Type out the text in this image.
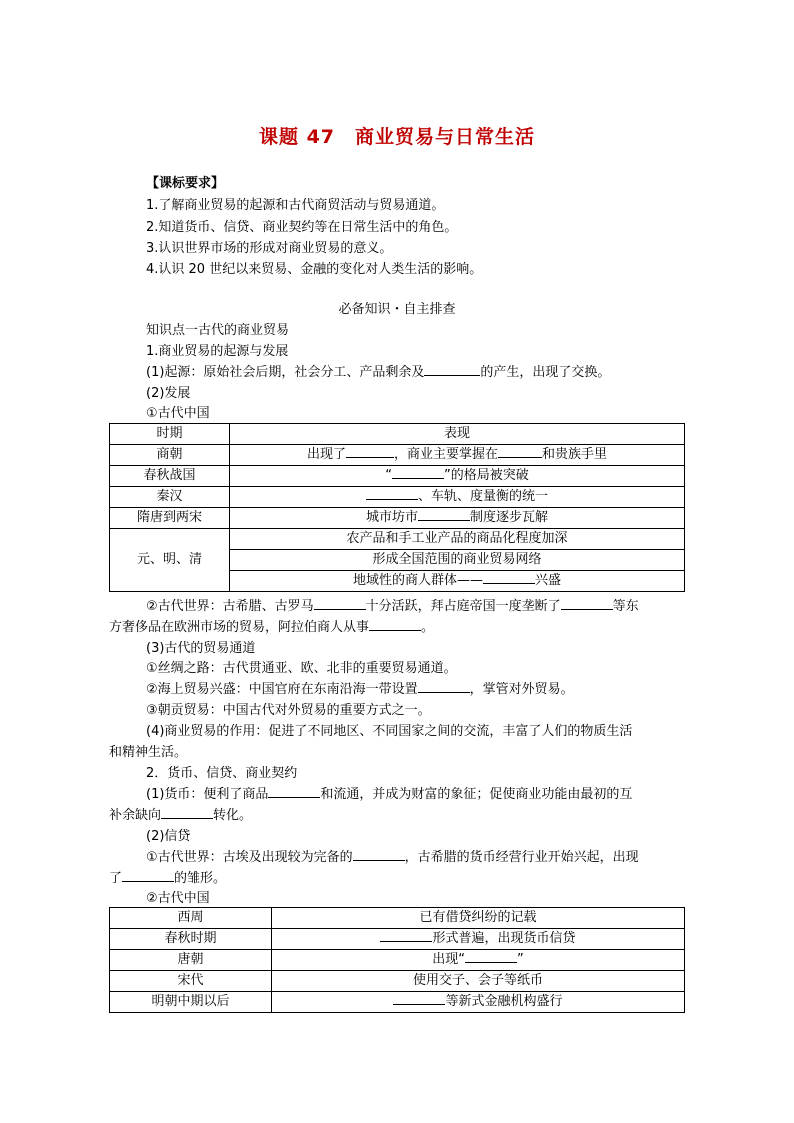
课题 47　商业贸易与日常生活
【课标要求】
1.了解商业贸易的起源和古代商贸活动与贸易通道。
2.知道货币、信贷、商业契约等在日常生活中的角色。
3.认识世界市场的形成对商业贸易的意义。
4.认识 20 世纪以来贸易、金融的变化对人类生活的影响。
必备知识・自主排查
知识点一古代的商业贸易
1.商业贸易的起源与发展
(1)起源：原始社会后期，社会分工、产品剩余及	的产生，出现了交换。
(2)发展
①古代中国
时期	表现
商朝	出现了 ，商业主要掌握在 和贵族手里
春秋战国	“ ”的格局被突破
秦汉	、车轨、度量衡的统一
隋唐到两宋	城市坊市 制度逐步瓦解
元、明、清	农产品和手工业产品的商品化程度加深
	形成全国范围的商业贸易网络
	地域性的商人群体—— 兴盛
②古代世界：古希腊、古罗马	十分活跃，拜占庭帝国一度垄断了	等东
方奢侈品在欧洲市场的贸易，阿拉伯商人从事	。
(3)古代的贸易通道
①丝绸之路：古代贯通亚、欧、北非的重要贸易通道。
②海上贸易兴盛：中国官府在东南沿海一带设置	，掌管对外贸易。
③朝贡贸易：中国古代对外贸易的重要方式之一。
(4)商业贸易的作用：促进了不同地区、不同国家之间的交流，丰富了人们的物质生活
和精神生活。
2．货币、信贷、商业契约
(1)货币：便利了商品	和流通，并成为财富的象征；促使商业功能由最初的互
补余缺向	转化。
(2)信贷
①古代世界：古埃及出现较为完备的	，古希腊的货币经营行业开始兴起，出现
了	的雏形。
②古代中国
西周	已有借贷纠纷的记载
春秋时期	形式普遍，出现货币信贷
唐朝	出现“ ”
宋代	使用交子、会子等纸币
明朝中期以后	等新式金融机构盛行
